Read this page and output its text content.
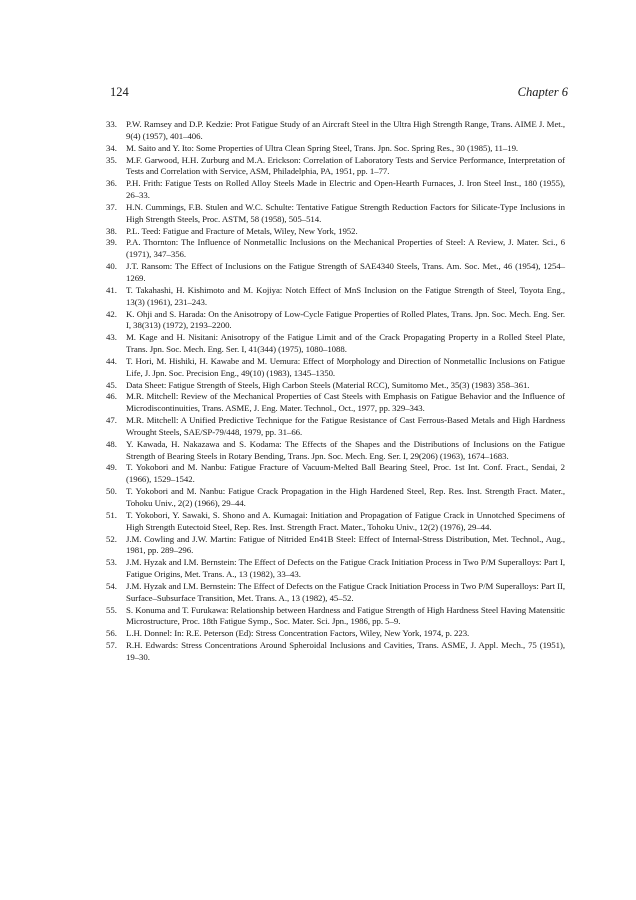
124	Chapter 6
33. P.W. Ramsey and D.P. Kedzie: Prot Fatigue Study of an Aircraft Steel in the Ultra High Strength Range, Trans. AIME J. Met., 9(4) (1957), 401–406.
34. M. Saito and Y. Ito: Some Properties of Ultra Clean Spring Steel, Trans. Jpn. Soc. Spring Res., 30 (1985), 11–19.
35. M.F. Garwood, H.H. Zurburg and M.A. Erickson: Correlation of Laboratory Tests and Service Performance, Interpretation of Tests and Correlation with Service, ASM, Philadelphia, PA, 1951, pp. 1–77.
36. P.H. Frith: Fatigue Tests on Rolled Alloy Steels Made in Electric and Open-Hearth Furnaces, J. Iron Steel Inst., 180 (1955), 26–33.
37. H.N. Cummings, F.B. Stulen and W.C. Schulte: Tentative Fatigue Strength Reduction Factors for Silicate-Type Inclusions in High Strength Steels, Proc. ASTM, 58 (1958), 505–514.
38. P.L. Teed: Fatigue and Fracture of Metals, Wiley, New York, 1952.
39. P.A. Thornton: The Influence of Nonmetallic Inclusions on the Mechanical Properties of Steel: A Review, J. Mater. Sci., 6 (1971), 347–356.
40. J.T. Ransom: The Effect of Inclusions on the Fatigue Strength of SAE4340 Steels, Trans. Am. Soc. Met., 46 (1954), 1254–1269.
41. T. Takahashi, H. Kishimoto and M. Kojiya: Notch Effect of MnS Inclusion on the Fatigue Strength of Steel, Toyota Eng., 13(3) (1961), 231–243.
42. K. Ohji and S. Harada: On the Anisotropy of Low-Cycle Fatigue Properties of Rolled Plates, Trans. Jpn. Soc. Mech. Eng. Ser. I, 38(313) (1972), 2193–2200.
43. M. Kage and H. Nisitani: Anisotropy of the Fatigue Limit and of the Crack Propagating Property in a Rolled Steel Plate, Trans. Jpn. Soc. Mech. Eng. Ser. I, 41(344) (1975), 1080–1088.
44. T. Hori, M. Hishiki, H. Kawabe and M. Uemura: Effect of Morphology and Direction of Nonmetallic Inclusions on Fatigue Life, J. Jpn. Soc. Precision Eng., 49(10) (1983), 1345–1350.
45. Data Sheet: Fatigue Strength of Steels, High Carbon Steels (Material RCC), Sumitomo Met., 35(3) (1983) 358–361.
46. M.R. Mitchell: Review of the Mechanical Properties of Cast Steels with Emphasis on Fatigue Behavior and the Influence of Microdiscontinuities, Trans. ASME, J. Eng. Mater. Technol., Oct., 1977, pp. 329–343.
47. M.R. Mitchell: A Unified Predictive Technique for the Fatigue Resistance of Cast Ferrous-Based Metals and High Hardness Wrought Steels, SAE/SP-79/448, 1979, pp. 31–66.
48. Y. Kawada, H. Nakazawa and S. Kodama: The Effects of the Shapes and the Distributions of Inclusions on the Fatigue Strength of Bearing Steels in Rotary Bending, Trans. Jpn. Soc. Mech. Eng. Ser. I, 29(206) (1963), 1674–1683.
49. T. Yokobori and M. Nanbu: Fatigue Fracture of Vacuum-Melted Ball Bearing Steel, Proc. 1st Int. Conf. Fract., Sendai, 2 (1966), 1529–1542.
50. T. Yokobori and M. Nanbu: Fatigue Crack Propagation in the High Hardened Steel, Rep. Res. Inst. Strength Fract. Mater., Tohoku Univ., 2(2) (1966), 29–44.
51. T. Yokobori, Y. Sawaki, S. Shono and A. Kumagai: Initiation and Propagation of Fatigue Crack in Unnotched Specimens of High Strength Eutectoid Steel, Rep. Res. Inst. Strength Fract. Mater., Tohoku Univ., 12(2) (1976), 29–44.
52. J.M. Cowling and J.W. Martin: Fatigue of Nitrided En41B Steel: Effect of Internal-Stress Distribution, Met. Technol., Aug., 1981, pp. 289–296.
53. J.M. Hyzak and I.M. Bernstein: The Effect of Defects on the Fatigue Crack Initiation Process in Two P/M Superalloys: Part I, Fatigue Origins, Met. Trans. A., 13 (1982), 33–43.
54. J.M. Hyzak and I.M. Bernstein: The Effect of Defects on the Fatigue Crack Initiation Process in Two P/M Superalloys: Part II, Surface–Subsurface Transition, Met. Trans. A., 13 (1982), 45–52.
55. S. Konuma and T. Furukawa: Relationship between Hardness and Fatigue Strength of High Hardness Steel Having Matensitic Microstructure, Proc. 18th Fatigue Symp., Soc. Mater. Sci. Jpn., 1986, pp. 5–9.
56. L.H. Donnel: In: R.E. Peterson (Ed): Stress Concentration Factors, Wiley, New York, 1974, p. 223.
57. R.H. Edwards: Stress Concentrations Around Spheroidal Inclusions and Cavities, Trans. ASME, J. Appl. Mech., 75 (1951), 19–30.
